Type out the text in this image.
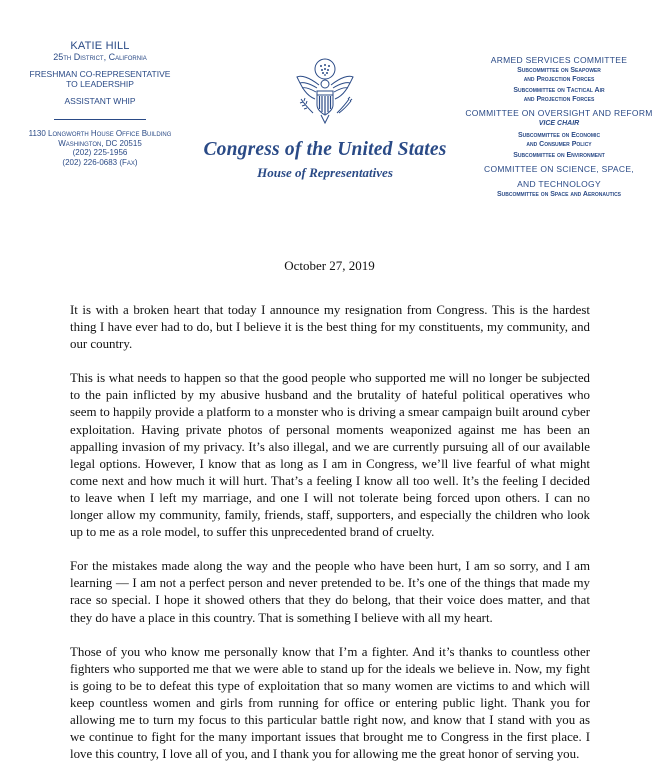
KATIE HILL
25th District, California
FRESHMAN CO-REPRESENTATIVE
TO LEADERSHIP
ASSISTANT WHIP
1130 Longworth House Office Building
Washington, DC 20515
(202) 225-1956
(202) 226-0683 (Fax)
Congress of the United States
House of Representatives
ARMED SERVICES COMMITTEE
Subcommittee on Seapower
and Projection Forces
Subcommittee on Tactical Air
and Projection Forces
COMMITTEE ON OVERSIGHT AND REFORM
VICE CHAIR
Subcommittee on Economic
and Consumer Policy
Subcommittee on Environment
COMMITTEE ON SCIENCE, SPACE,
AND TECHNOLOGY
Subcommittee on Space and Aeronautics
October 27, 2019

It is with a broken heart that today I announce my resignation from Congress. This is the hardest thing I have ever had to do, but I believe it is the best thing for my constituents, my community, and our country.

This is what needs to happen so that the good people who supported me will no longer be subjected to the pain inflicted by my abusive husband and the brutality of hateful political operatives who seem to happily provide a platform to a monster who is driving a smear campaign built around cyber exploitation. Having private photos of personal moments weaponized against me has been an appalling invasion of my privacy. It’s also illegal, and we are currently pursuing all of our available legal options. However, I know that as long as I am in Congress, we’ll live fearful of what might come next and how much it will hurt. That’s a feeling I know all too well. It’s the feeling I decided to leave when I left my marriage, and one I will not tolerate being forced upon others. I can no longer allow my community, family, friends, staff, supporters, and especially the children who look up to me as a role model, to suffer this unprecedented brand of cruelty.

For the mistakes made along the way and the people who have been hurt, I am so sorry, and I am learning — I am not a perfect person and never pretended to be. It’s one of the things that made my race so special. I hope it showed others that they do belong, that their voice does matter, and that they do have a place in this country. That is something I believe with all my heart.

Those of you who know me personally know that I’m a fighter. And it’s thanks to countless other fighters who supported me that we were able to stand up for the ideals we believe in. Now, my fight is going to be to defeat this type of exploitation that so many women are victims to and which will keep countless women and girls from running for office or entering public light. Thank you for allowing me to turn my focus to this particular battle right now, and know that I stand with you as we continue to fight for the many important issues that brought me to Congress in the first place. I love this country, I love all of you, and I thank you for allowing me the great honor of serving you.
